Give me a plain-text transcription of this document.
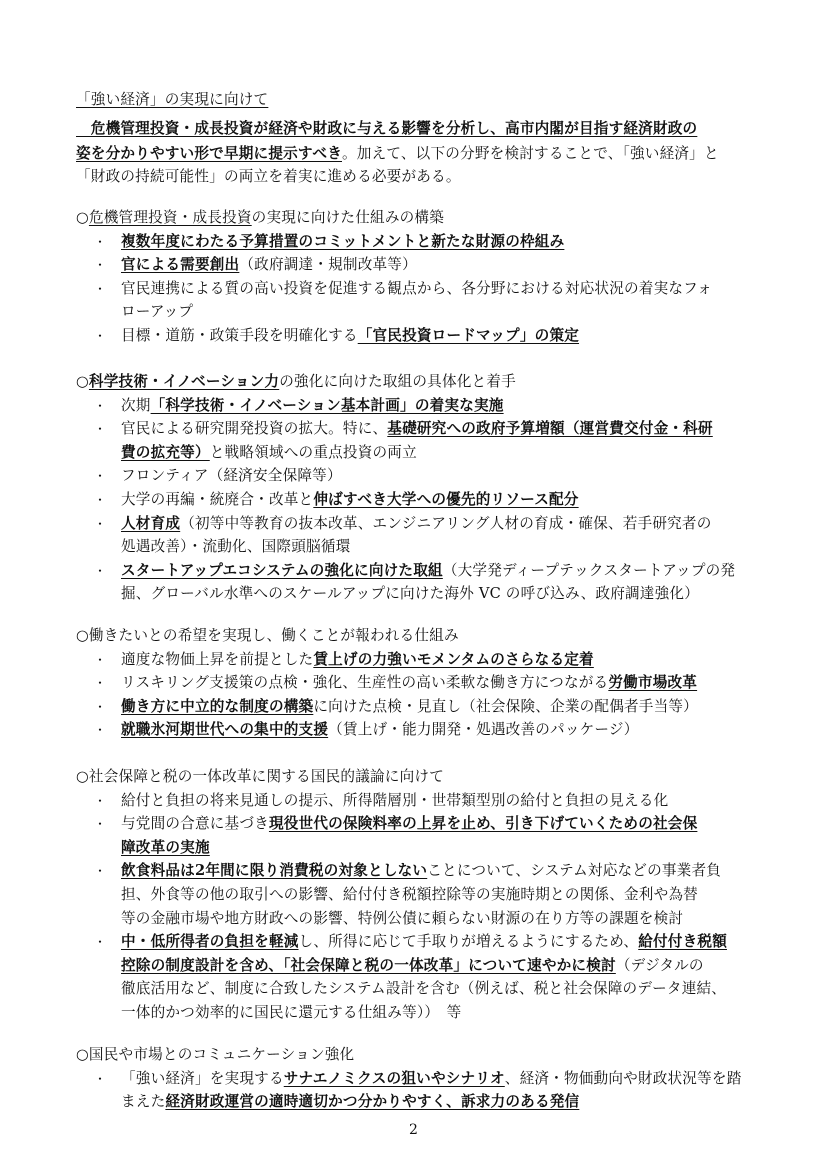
「強い経済」の実現に向けて
　危機管理投資・成長投資が経済や財政に与える影響を分析し、高市内閣が目指す経済財政の
姿を分かりやすい形で早期に提示すべき。加えて、以下の分野を検討することで、「強い経済」と
「財政の持続可能性」の両立を着実に進める必要がある。
○危機管理投資・成長投資の実現に向けた仕組みの構築
・ 複数年度にわたる予算措置のコミットメントと新たな財源の枠組み
・ 官による需要創出（政府調達・規制改革等）
・ 官民連携による質の高い投資を促進する観点から、各分野における対応状況の着実なフォ
ローアップ
・ 目標・道筋・政策手段を明確化する「官民投資ロードマップ」の策定
○科学技術・イノベーション力の強化に向けた取組の具体化と着手
・ 次期「科学技術・イノベーション基本計画」の着実な実施
・ 官民による研究開発投資の拡大。特に、基礎研究への政府予算増額（運営費交付金・科研
費の拡充等）と戦略領域への重点投資の両立
・ フロンティア（経済安全保障等）
・ 大学の再編・統廃合・改革と伸ばすべき大学への優先的リソース配分
・ 人材育成（初等中等教育の抜本改革、エンジニアリング人材の育成・確保、若手研究者の
処遇改善）・流動化、国際頭脳循環
・ スタートアップエコシステムの強化に向けた取組（大学発ディープテックスタートアップの発
掘、グローバル水準へのスケールアップに向けた海外 VC の呼び込み、政府調達強化）
○働きたいとの希望を実現し、働くことが報われる仕組み
・ 適度な物価上昇を前提とした賃上げの力強いモメンタムのさらなる定着
・ リスキリング支援策の点検・強化、生産性の高い柔軟な働き方につながる労働市場改革
・ 働き方に中立的な制度の構築に向けた点検・見直し（社会保険、企業の配偶者手当等）
・ 就職氷河期世代への集中的支援（賃上げ・能力開発・処遇改善のパッケージ）
○社会保障と税の一体改革に関する国民的議論に向けて
・ 給付と負担の将来見通しの提示、所得階層別・世帯類型別の給付と負担の見える化
・ 与党間の合意に基づき現役世代の保険料率の上昇を止め、引き下げていくための社会保
障改革の実施
・ 飲食料品は2年間に限り消費税の対象としないことについて、システム対応などの事業者負
担、外食等の他の取引への影響、給付付き税額控除等の実施時期との関係、金利や為替
等の金融市場や地方財政への影響、特例公債に頼らない財源の在り方等の課題を検討
・ 中・低所得者の負担を軽減し、所得に応じて手取りが増えるようにするため、給付付き税額
控除の制度設計を含め、「社会保障と税の一体改革」について速やかに検討（デジタルの
徹底活用など、制度に合致したシステム設計を含む（例えば、税と社会保障のデータ連結、
一体的かつ効率的に国民に還元する仕組み等））　等
○国民や市場とのコミュニケーション強化
・ 「強い経済」を実現するサナエノミクスの狙いやシナリオ、経済・物価動向や財政状況等を踏
まえた経済財政運営の適時適切かつ分かりやすく、訴求力のある発信
2
